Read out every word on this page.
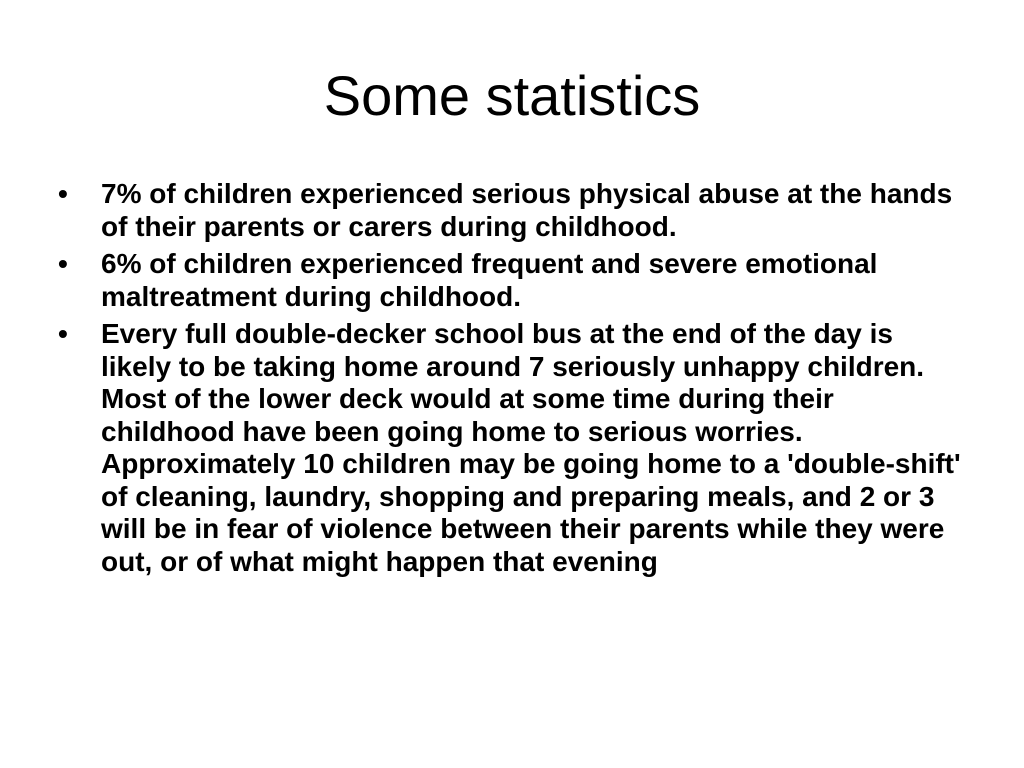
Some statistics
•	7% of children experienced serious physical abuse at the hands of their parents or carers during childhood.
•	6% of children experienced frequent and severe emotional maltreatment during childhood.
•	Every full double-decker school bus at the end of the day is likely to be taking home around 7 seriously unhappy children. Most of the lower deck would at some time during their childhood have been going home to serious worries. Approximately 10 children may be going home to a 'double-shift' of cleaning, laundry, shopping and preparing meals, and 2 or 3 will be in fear of violence between their parents while they were out, or of what might happen that evening
